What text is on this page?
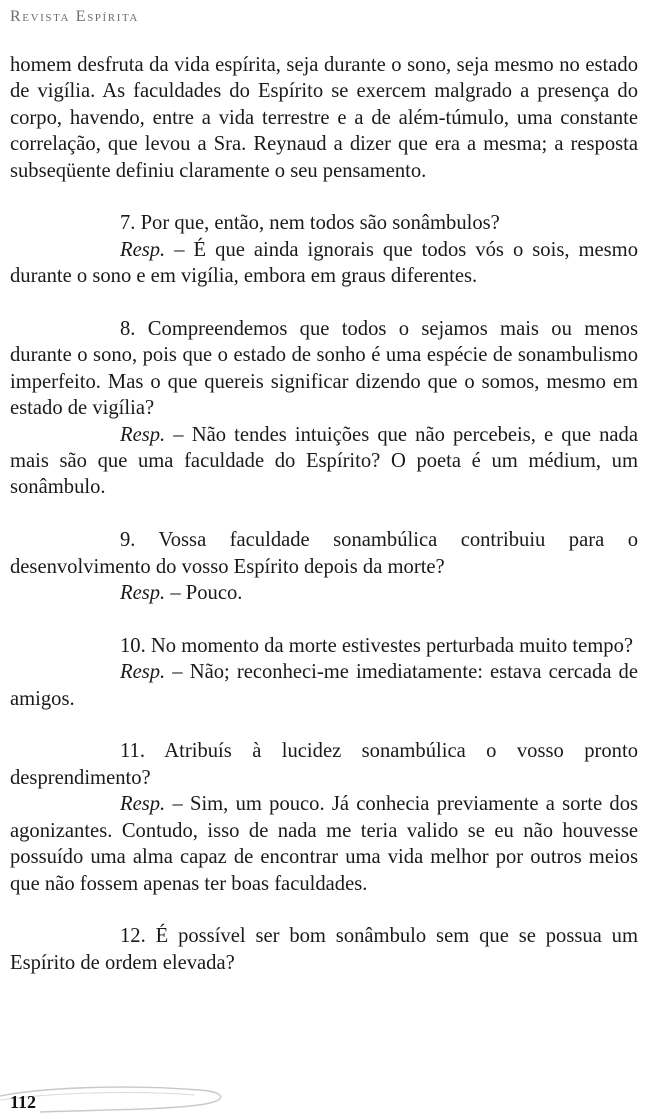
Revista Espírita

homem desfruta da vida espírita, seja durante o sono, seja mesmo no estado de vigília. As faculdades do Espírito se exercem malgrado a presença do corpo, havendo, entre a vida terrestre e a de além-túmulo, uma constante correlação, que levou a Sra. Reynaud a dizer que era a mesma; a resposta subseqüente definiu claramente o seu pensamento.

7. Por que, então, nem todos são sonâmbulos?

Resp. – É que ainda ignorais que todos vós o sois, mesmo durante o sono e em vigília, embora em graus diferentes.

8. Compreendemos que todos o sejamos mais ou menos durante o sono, pois que o estado de sonho é uma espécie de sonambulismo imperfeito. Mas o que quereis significar dizendo que o somos, mesmo em estado de vigília?

Resp. – Não tendes intuições que não percebeis, e que nada mais são que uma faculdade do Espírito? O poeta é um médium, um sonâmbulo.

9. Vossa faculdade sonambúlica contribuiu para o desenvolvimento do vosso Espírito depois da morte?

Resp. – Pouco.

10. No momento da morte estivestes perturbada muito tempo?

Resp. – Não; reconheci-me imediatamente: estava cercada de amigos.

11. Atribuís à lucidez sonambúlica o vosso pronto desprendimento?

Resp. – Sim, um pouco. Já conhecia previamente a sorte dos agonizantes. Contudo, isso de nada me teria valido se eu não houvesse possuído uma alma capaz de encontrar uma vida melhor por outros meios que não fossem apenas ter boas faculdades.

12. É possível ser bom sonâmbulo sem que se possua um Espírito de ordem elevada?

112
